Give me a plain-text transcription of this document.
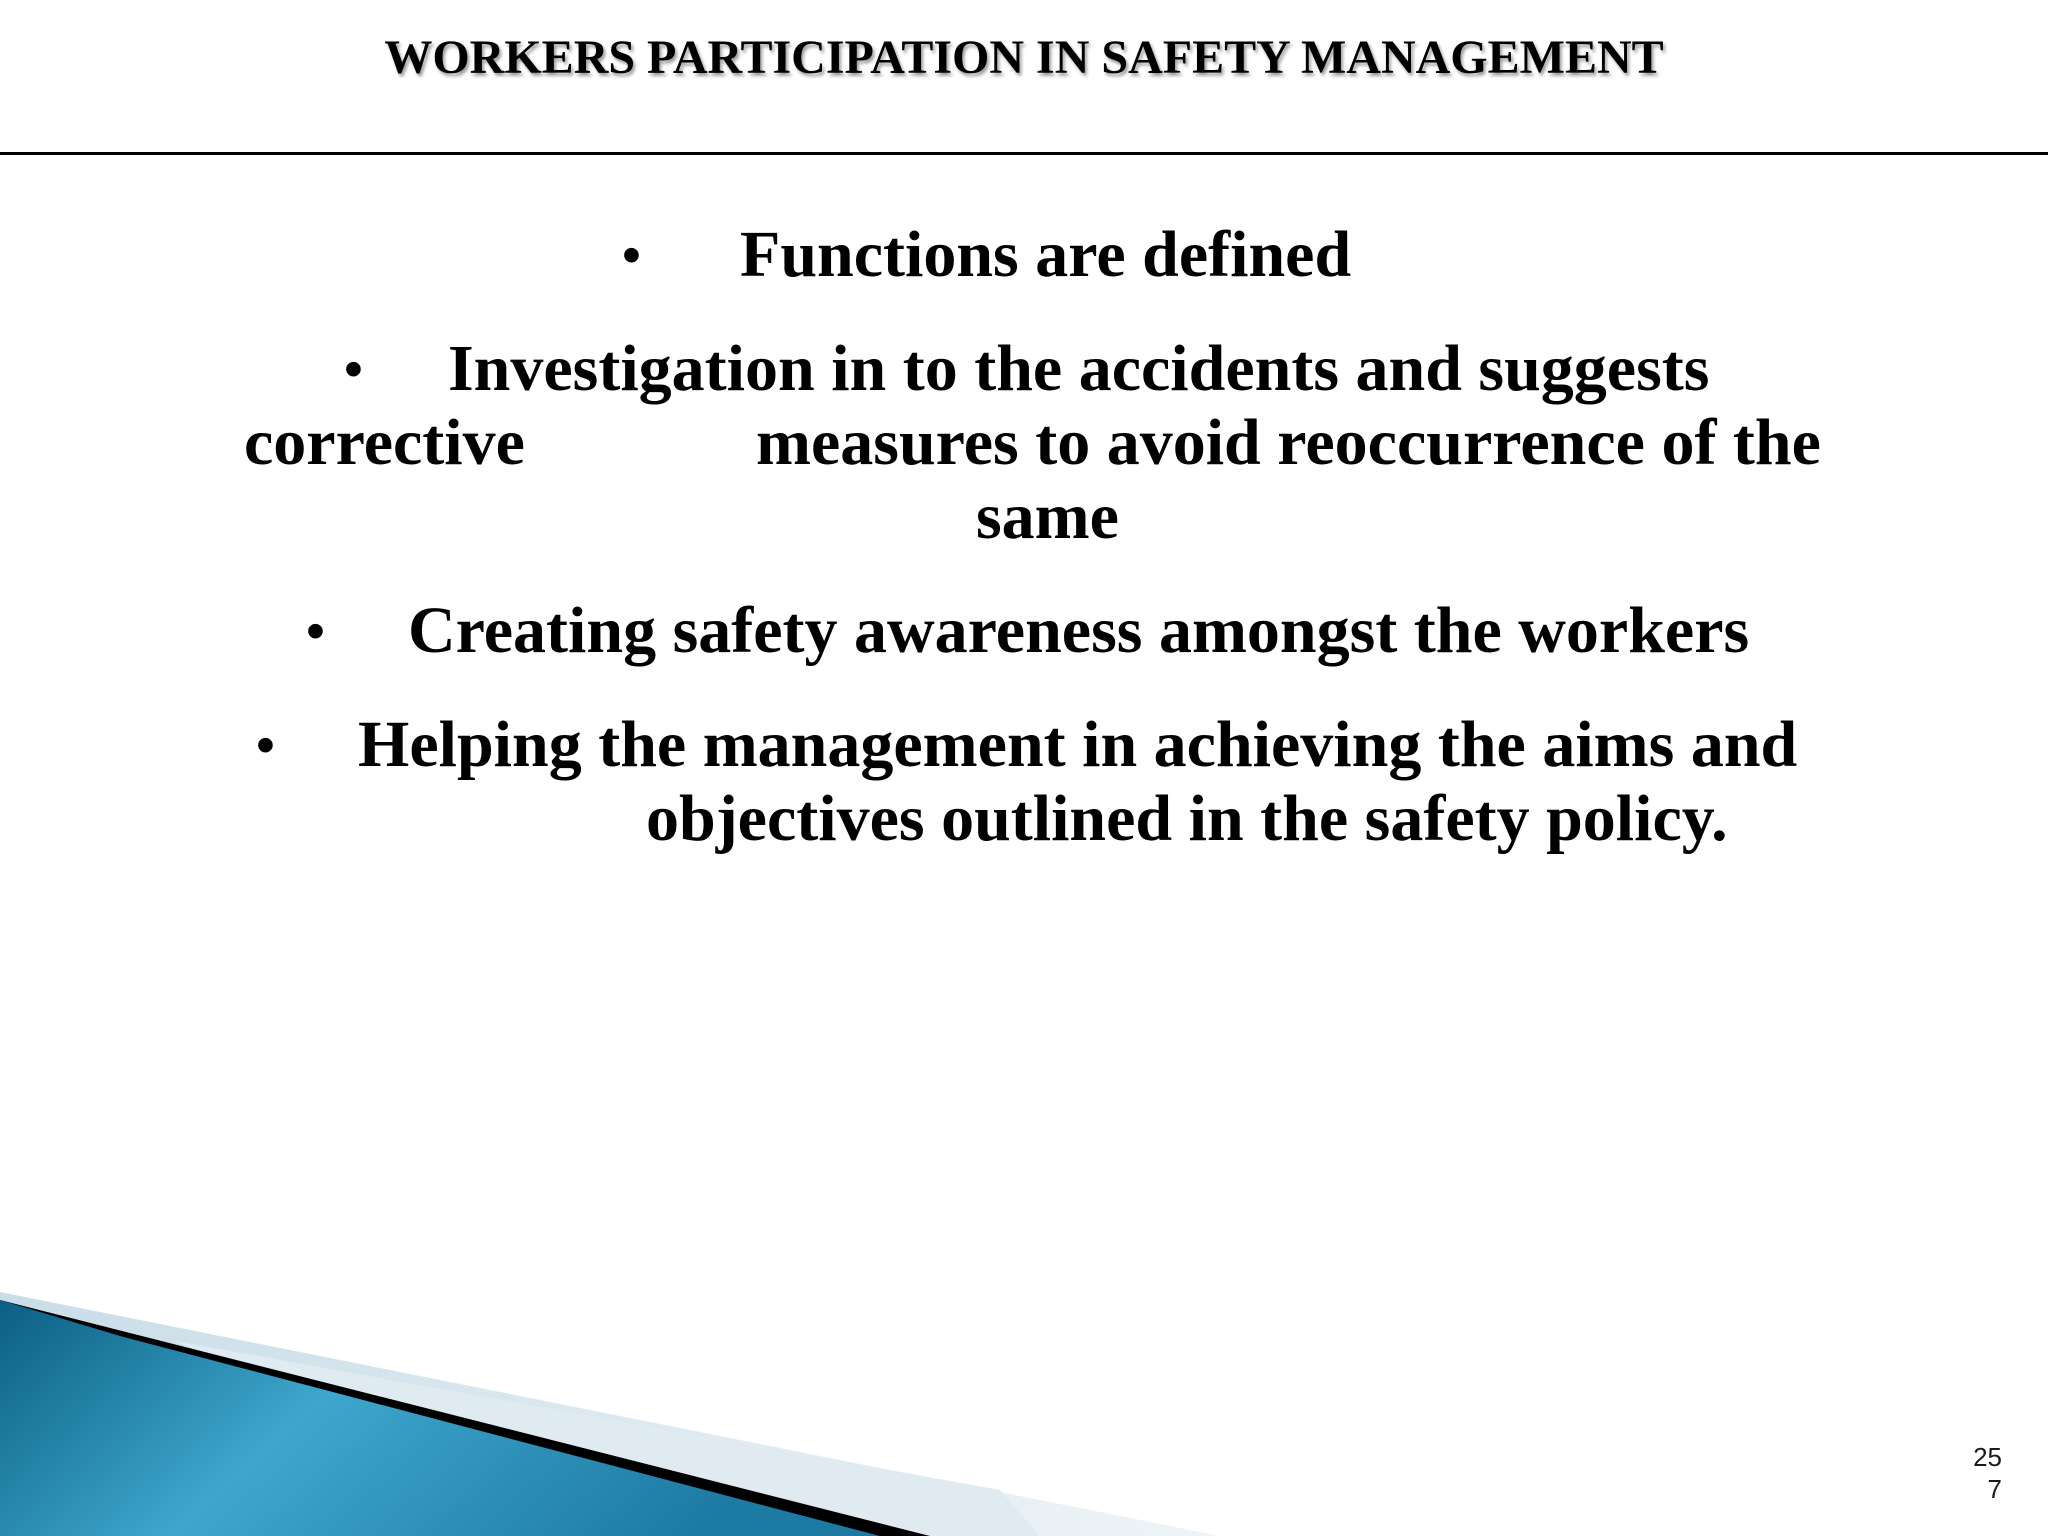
WORKERS PARTICIPATION IN SAFETY MANAGEMENT

•

Functions are defined

•

Investigation in to the accidents and suggests

corrective

	measures to avoid reoccurrence of the

same

•

Creating safety awareness amongst the workers

•

Helping the management in achieving the aims and

objectives outlined in the safety policy.

25
7
